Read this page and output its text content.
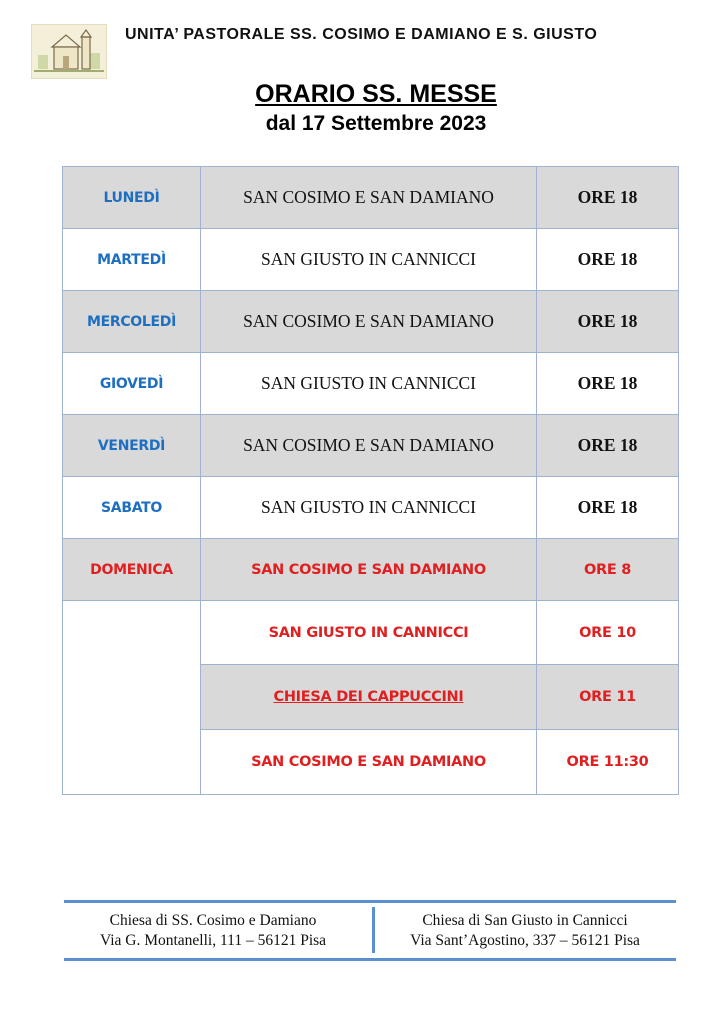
UNITA’ PASTORALE SS. COSIMO E DAMIANO E S. GIUSTO
ORARIO SS. MESSE
dal 17 Settembre 2023
LUNEDÌ	SAN COSIMO E SAN DAMIANO	ORE 18
MARTEDÌ	SAN GIUSTO IN CANNICCI	ORE 18
MERCOLEDÌ	SAN COSIMO E SAN DAMIANO	ORE 18
GIOVEDÌ	SAN GIUSTO IN CANNICCI	ORE 18
VENERDÌ	SAN COSIMO E SAN DAMIANO	ORE 18
SABATO	SAN GIUSTO IN CANNICCI	ORE 18
DOMENICA	SAN COSIMO E SAN DAMIANO	ORE 8
	SAN GIUSTO IN CANNICCI	ORE 10
	CHIESA DEI CAPPUCCINI	ORE 11
	SAN COSIMO E SAN DAMIANO	ORE 11:30
Chiesa di SS. Cosimo e Damiano
Via G. Montanelli, 111 – 56121 Pisa
Chiesa di San Giusto in Cannicci
Via Sant’Agostino, 337 – 56121 Pisa
